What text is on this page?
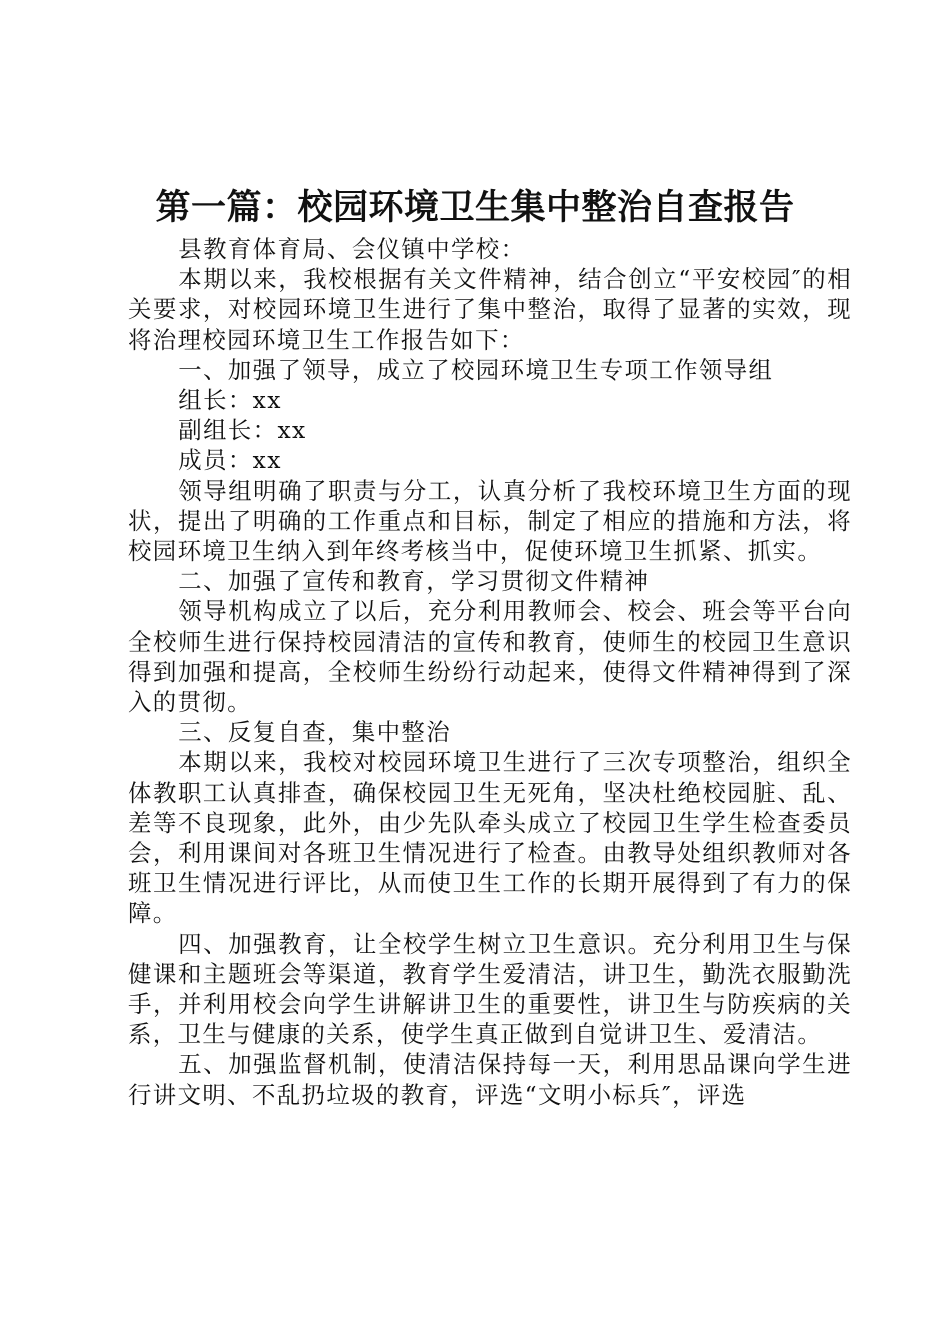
第一篇：校园环境卫生集中整治自查报告

县教育体育局、会仪镇中学校：

本期以来，我校根据有关文件精神，结合创立“平安校园″的相关要求，对校园环境卫生进行了集中整治，取得了显著的实效，现将治理校园环境卫生工作报告如下：

一、加强了领导，成立了校园环境卫生专项工作领导组

组长：xx

副组长：xx

成员：xx

领导组明确了职责与分工，认真分析了我校环境卫生方面的现状，提出了明确的工作重点和目标，制定了相应的措施和方法，将校园环境卫生纳入到年终考核当中，促使环境卫生抓紧、抓实。

二、加强了宣传和教育，学习贯彻文件精神

领导机构成立了以后，充分利用教师会、校会、班会等平台向全校师生进行保持校园清洁的宣传和教育，使师生的校园卫生意识得到加强和提高，全校师生纷纷行动起来，使得文件精神得到了深入的贯彻。

三、反复自查，集中整治

本期以来，我校对校园环境卫生进行了三次专项整治，组织全体教职工认真排查，确保校园卫生无死角，坚决杜绝校园脏、乱、差等不良现象，此外，由少先队牵头成立了校园卫生学生检查委员会，利用课间对各班卫生情况进行了检查。由教导处组织教师对各班卫生情况进行评比，从而使卫生工作的长期开展得到了有力的保障。

四、加强教育，让全校学生树立卫生意识。充分利用卫生与保健课和主题班会等渠道，教育学生爱清洁，讲卫生，勤洗衣服勤洗手，并利用校会向学生讲解讲卫生的重要性，讲卫生与防疾病的关系，卫生与健康的关系，使学生真正做到自觉讲卫生、爱清洁。

五、加强监督机制，使清洁保持每一天，利用思品课向学生进行讲文明、不乱扔垃圾的教育，评选“文明小标兵″，评选
